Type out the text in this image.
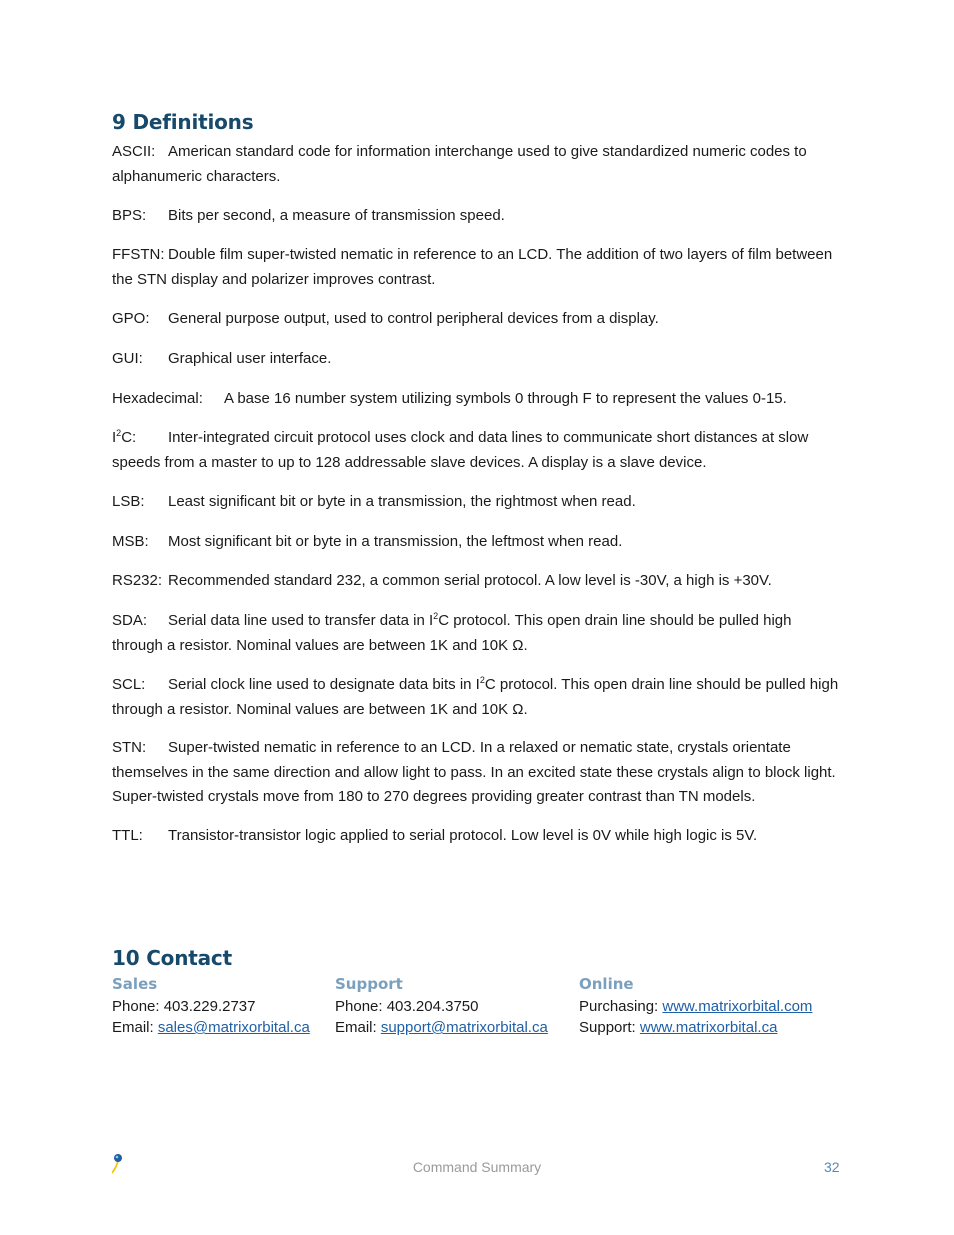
9 Definitions
ASCII: American standard code for information interchange used to give standardized numeric codes to alphanumeric characters.
BPS: Bits per second, a measure of transmission speed.
FFSTN: Double film super-twisted nematic in reference to an LCD. The addition of two layers of film between the STN display and polarizer improves contrast.
GPO: General purpose output, used to control peripheral devices from a display.
GUI: Graphical user interface.
Hexadecimal: A base 16 number system utilizing symbols 0 through F to represent the values 0-15.
$I^2C$: Inter-integrated circuit protocol uses clock and data lines to communicate short distances at slow speeds from a master to up to 128 addressable slave devices. A display is a slave device.
LSB: Least significant bit or byte in a transmission, the rightmost when read.
MSB: Most significant bit or byte in a transmission, the leftmost when read.
RS232: Recommended standard 232, a common serial protocol. A low level is -30V, a high is +30V.
SDA: Serial data line used to transfer data in $I^2C$ protocol. This open drain line should be pulled high through a resistor. Nominal values are between 1K and 10K Ω.
SCL: Serial clock line used to designate data bits in $I^2C$ protocol. This open drain line should be pulled high through a resistor. Nominal values are between 1K and 10K Ω.
STN: Super-twisted nematic in reference to an LCD. In a relaxed or nematic state, crystals orientate themselves in the same direction and allow light to pass. In an excited state these crystals align to block light. Super-twisted crystals move from 180 to 270 degrees providing greater contrast than TN models.
TTL: Transistor-transistor logic applied to serial protocol. Low level is 0V while high logic is 5V.
10 Contact
Sales
Phone: 403.229.2737
Email: sales@matrixorbital.ca
Support
Phone: 403.204.3750
Email: support@matrixorbital.ca
Online
Purchasing: www.matrixorbital.com
Support: www.matrixorbital.ca
Command Summary	32
